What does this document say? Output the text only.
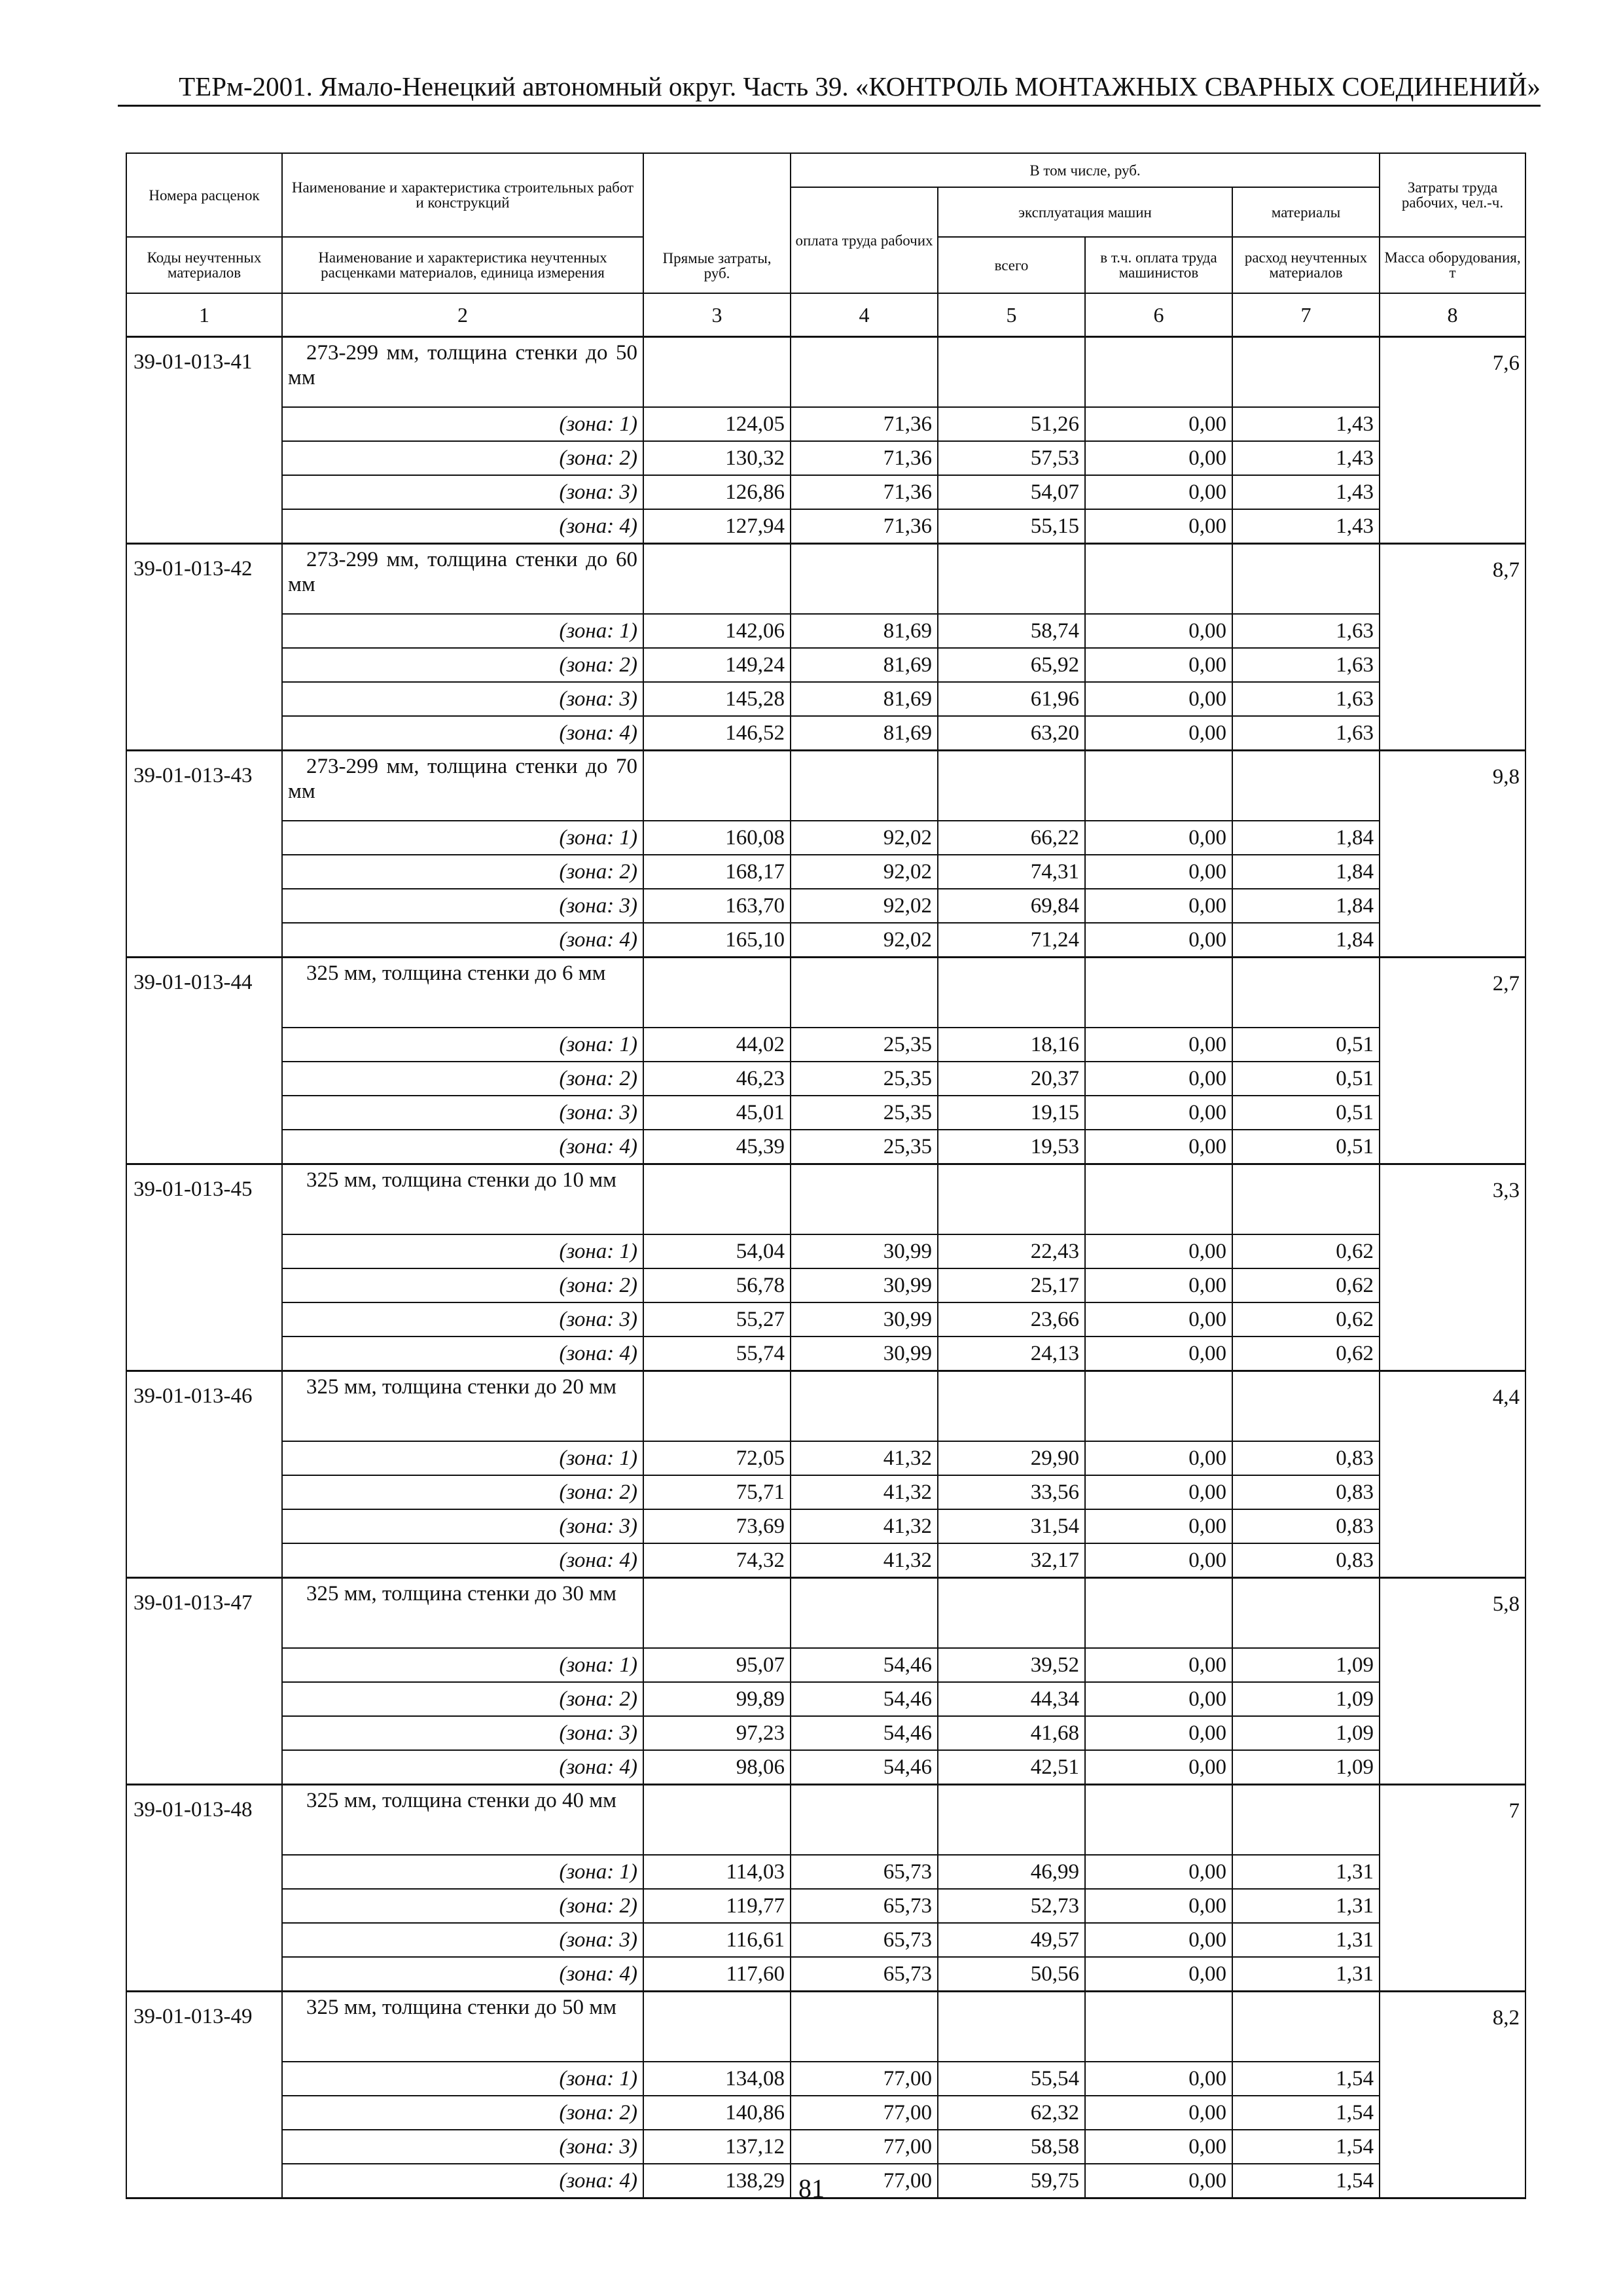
ТЕРм-2001. Ямало-Ненецкий автономный округ. Часть 39. «КОНТРОЛЬ МОНТАЖНЫХ СВАРНЫХ СОЕДИНЕНИЙ»
Номера расценок	Наименование и характеристика строительных работ и конструкций	Прямые затраты, руб.	В том числе, руб.				Затраты труда рабочих, чел.-ч.
			оплата труда рабочих	эксплуатация машин		материалы	
Коды неучтенных материалов	Наименование и характеристика неучтенных расценками материалов, единица измерения			всего	в т.ч. оплата труда машинистов	расход неучтенных материалов	Масса оборудования, т
1	2	3	4	5	6	7	8
39-01-013-41	273-299 мм, толщина стенки до 50 мм						7,6
	(зона: 1)	124,05	71,36	51,26	0,00	1,43	
	(зона: 2)	130,32	71,36	57,53	0,00	1,43	
	(зона: 3)	126,86	71,36	54,07	0,00	1,43	
	(зона: 4)	127,94	71,36	55,15	0,00	1,43	
39-01-013-42	273-299 мм, толщина стенки до 60 мм						8,7
	(зона: 1)	142,06	81,69	58,74	0,00	1,63	
	(зона: 2)	149,24	81,69	65,92	0,00	1,63	
	(зона: 3)	145,28	81,69	61,96	0,00	1,63	
	(зона: 4)	146,52	81,69	63,20	0,00	1,63	
39-01-013-43	273-299 мм, толщина стенки до 70 мм						9,8
	(зона: 1)	160,08	92,02	66,22	0,00	1,84	
	(зона: 2)	168,17	92,02	74,31	0,00	1,84	
	(зона: 3)	163,70	92,02	69,84	0,00	1,84	
	(зона: 4)	165,10	92,02	71,24	0,00	1,84	
39-01-013-44	325 мм, толщина стенки до 6 мм						2,7
	(зона: 1)	44,02	25,35	18,16	0,00	0,51	
	(зона: 2)	46,23	25,35	20,37	0,00	0,51	
	(зона: 3)	45,01	25,35	19,15	0,00	0,51	
	(зона: 4)	45,39	25,35	19,53	0,00	0,51	
39-01-013-45	325 мм, толщина стенки до 10 мм						3,3
	(зона: 1)	54,04	30,99	22,43	0,00	0,62	
	(зона: 2)	56,78	30,99	25,17	0,00	0,62	
	(зона: 3)	55,27	30,99	23,66	0,00	0,62	
	(зона: 4)	55,74	30,99	24,13	0,00	0,62	
39-01-013-46	325 мм, толщина стенки до 20 мм						4,4
	(зона: 1)	72,05	41,32	29,90	0,00	0,83	
	(зона: 2)	75,71	41,32	33,56	0,00	0,83	
	(зона: 3)	73,69	41,32	31,54	0,00	0,83	
	(зона: 4)	74,32	41,32	32,17	0,00	0,83	
39-01-013-47	325 мм, толщина стенки до 30 мм						5,8
	(зона: 1)	95,07	54,46	39,52	0,00	1,09	
	(зона: 2)	99,89	54,46	44,34	0,00	1,09	
	(зона: 3)	97,23	54,46	41,68	0,00	1,09	
	(зона: 4)	98,06	54,46	42,51	0,00	1,09	
39-01-013-48	325 мм, толщина стенки до 40 мм						7
	(зона: 1)	114,03	65,73	46,99	0,00	1,31	
	(зона: 2)	119,77	65,73	52,73	0,00	1,31	
	(зона: 3)	116,61	65,73	49,57	0,00	1,31	
	(зона: 4)	117,60	65,73	50,56	0,00	1,31	
39-01-013-49	325 мм, толщина стенки до 50 мм						8,2
	(зона: 1)	134,08	77,00	55,54	0,00	1,54	
	(зона: 2)	140,86	77,00	62,32	0,00	1,54	
	(зона: 3)	137,12	77,00	58,58	0,00	1,54	
	(зона: 4)	138,29	77,00	59,75	0,00	1,54	
81
